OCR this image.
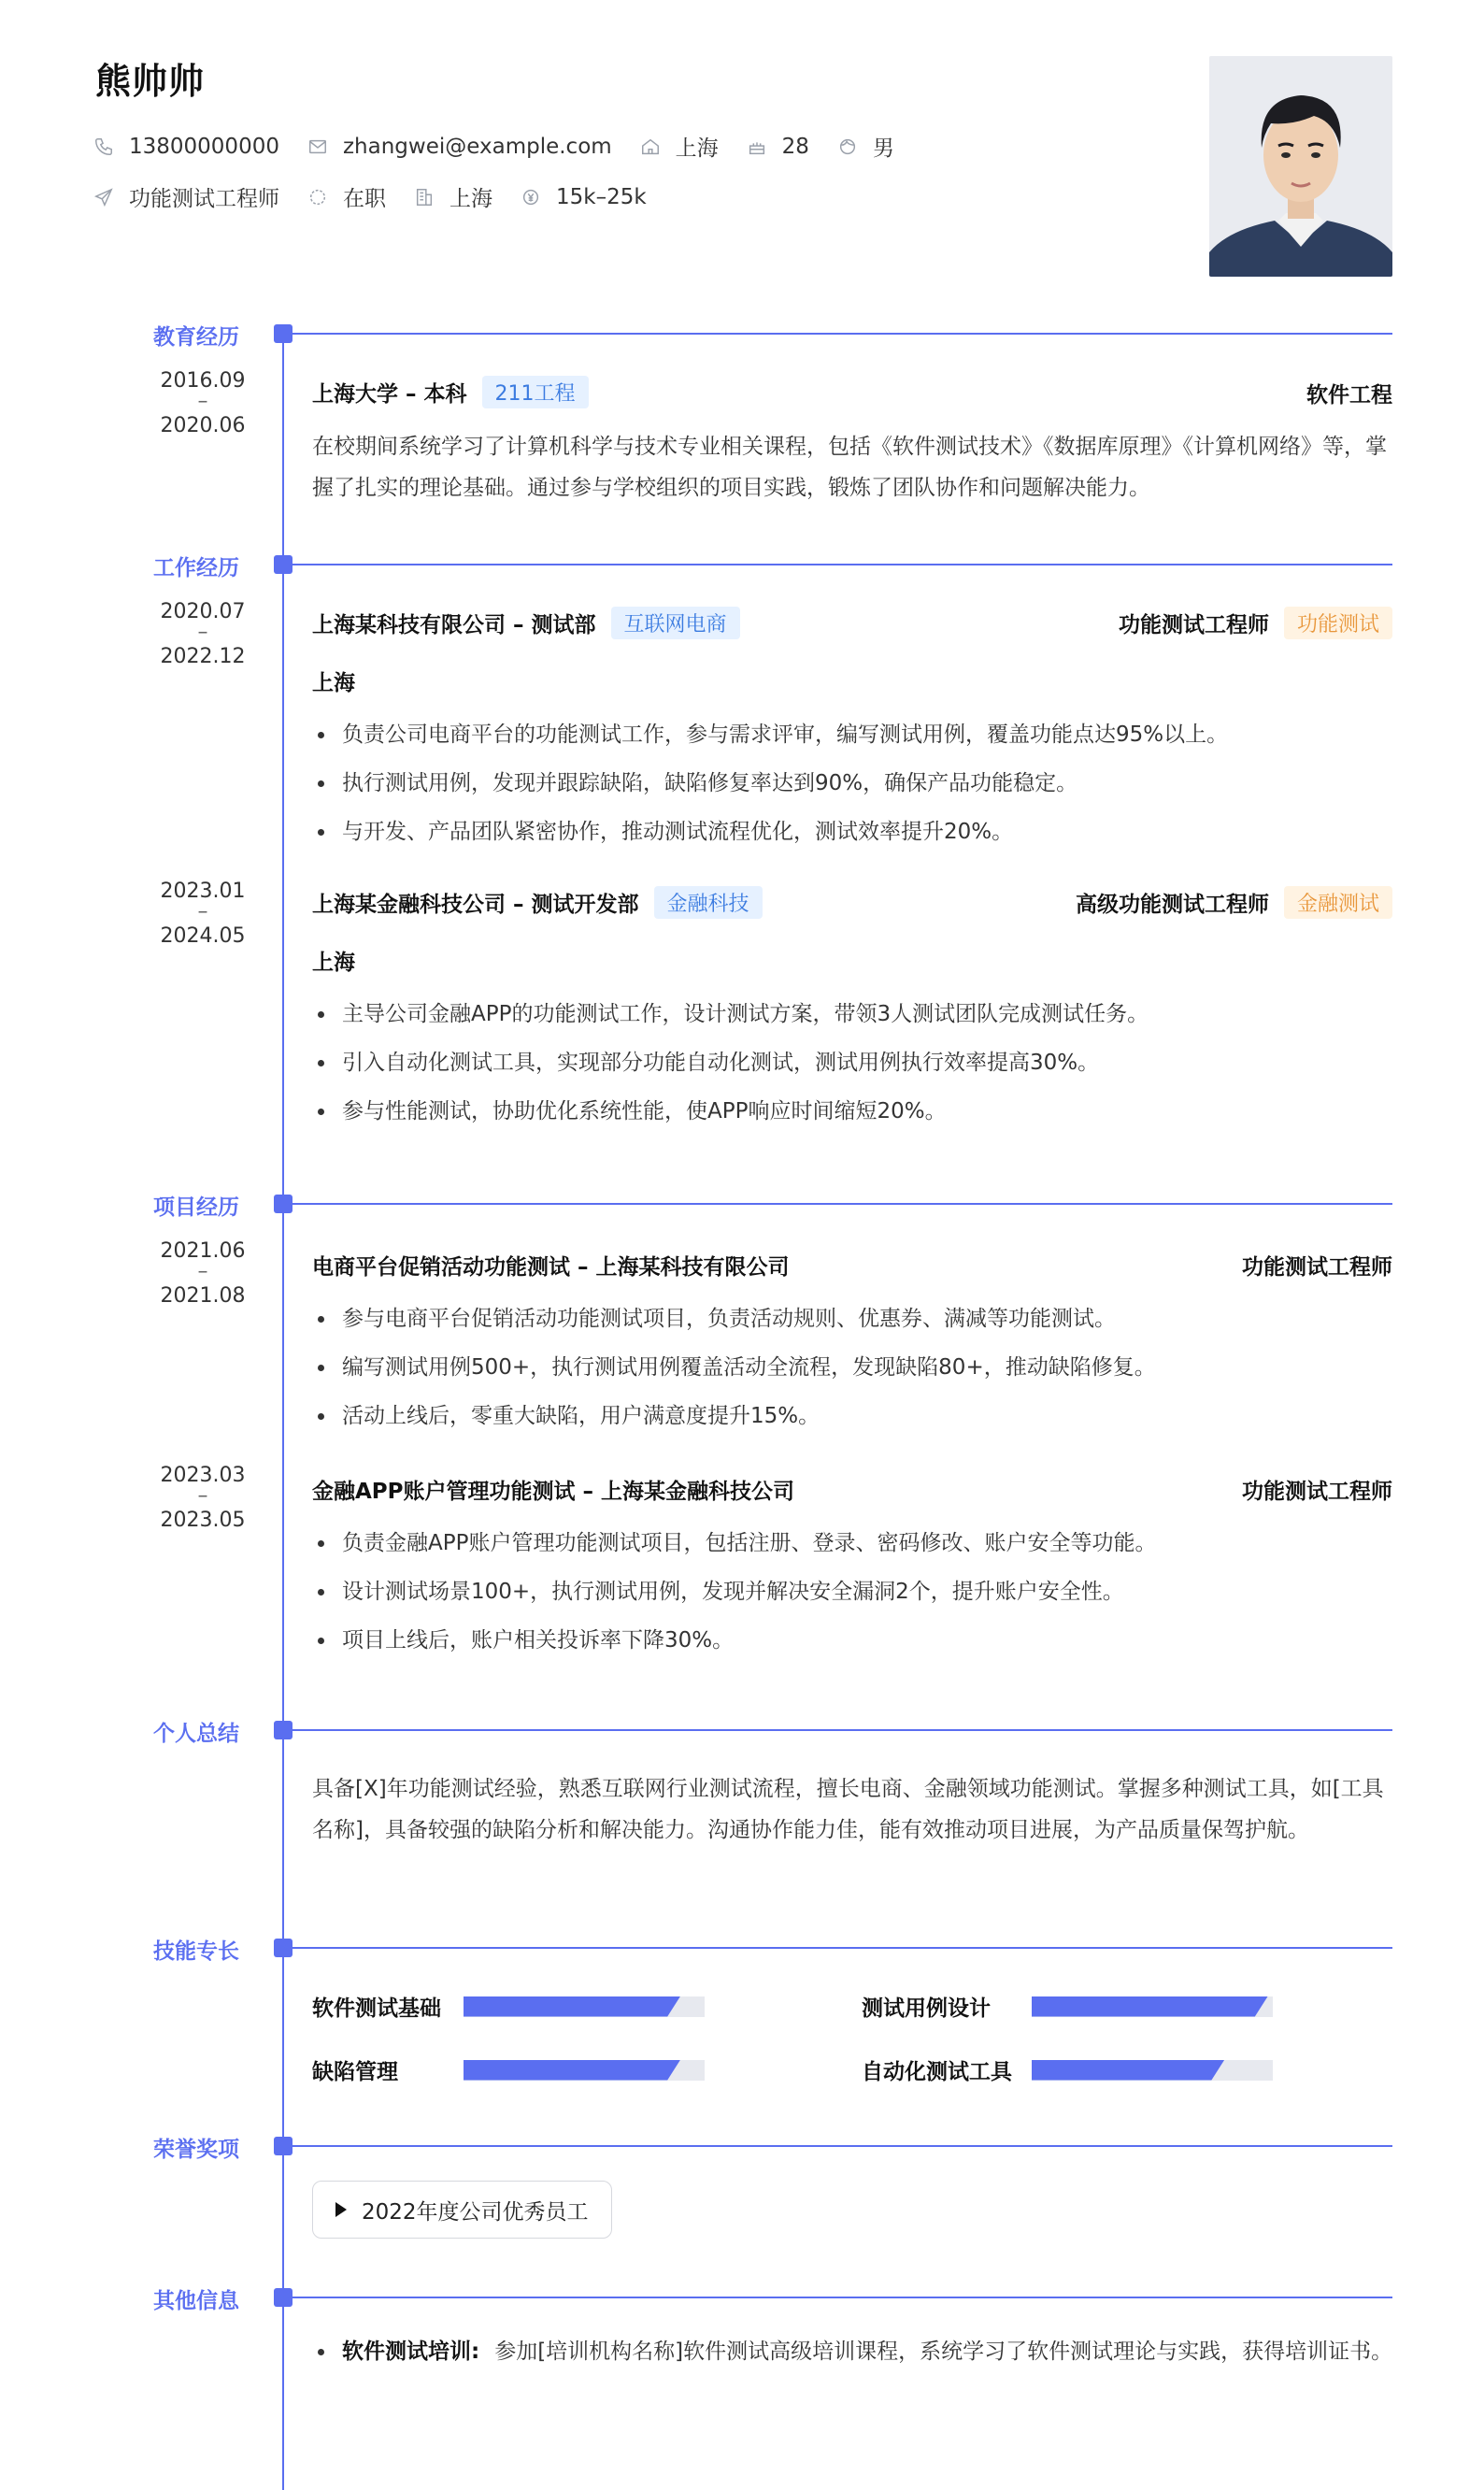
熊帅帅
13800000000	zhangwei@example.com	上海	28	男
功能测试工程师	在职	上海	15k–25k
教育经历
2016.09
–
2020.06
上海大学 – 本科	211工程	软件工程
在校期间系统学习了计算机科学与技术专业相关课程，包括《软件测试技术》《数据库原理》《计算机网络》等，掌握了扎实的理论基础。通过参与学校组织的项目实践，锻炼了团队协作和问题解决能力。
工作经历
2020.07
–
2022.12
上海某科技有限公司 – 测试部	互联网电商	功能测试工程师	功能测试
上海
负责公司电商平台的功能测试工作，参与需求评审，编写测试用例，覆盖功能点达95%以上。
执行测试用例，发现并跟踪缺陷，缺陷修复率达到90%，确保产品功能稳定。
与开发、产品团队紧密协作，推动测试流程优化，测试效率提升20%。
2023.01
–
2024.05
上海某金融科技公司 – 测试开发部	金融科技	高级功能测试工程师	金融测试
上海
主导公司金融APP的功能测试工作，设计测试方案，带领3人测试团队完成测试任务。
引入自动化测试工具，实现部分功能自动化测试，测试用例执行效率提高30%。
参与性能测试，协助优化系统性能，使APP响应时间缩短20%。
项目经历
2021.06
–
2021.08
电商平台促销活动功能测试 – 上海某科技有限公司	功能测试工程师
参与电商平台促销活动功能测试项目，负责活动规则、优惠券、满减等功能测试。
编写测试用例500+，执行测试用例覆盖活动全流程，发现缺陷80+，推动缺陷修复。
活动上线后，零重大缺陷，用户满意度提升15%。
2023.03
–
2023.05
金融APP账户管理功能测试 – 上海某金融科技公司	功能测试工程师
负责金融APP账户管理功能测试项目，包括注册、登录、密码修改、账户安全等功能。
设计测试场景100+，执行测试用例，发现并解决安全漏洞2个，提升账户安全性。
项目上线后，账户相关投诉率下降30%。
个人总结
具备[X]年功能测试经验，熟悉互联网行业测试流程，擅长电商、金融领域功能测试。掌握多种测试工具，如[工具名称]，具备较强的缺陷分析和解决能力。沟通协作能力佳，能有效推动项目进展，为产品质量保驾护航。
技能专长
软件测试基础	测试用例设计
缺陷管理	自动化测试工具
荣誉奖项
2022年度公司优秀员工
其他信息
软件测试培训: 参加[培训机构名称]软件测试高级培训课程，系统学习了软件测试理论与实践，获得培训证书。
